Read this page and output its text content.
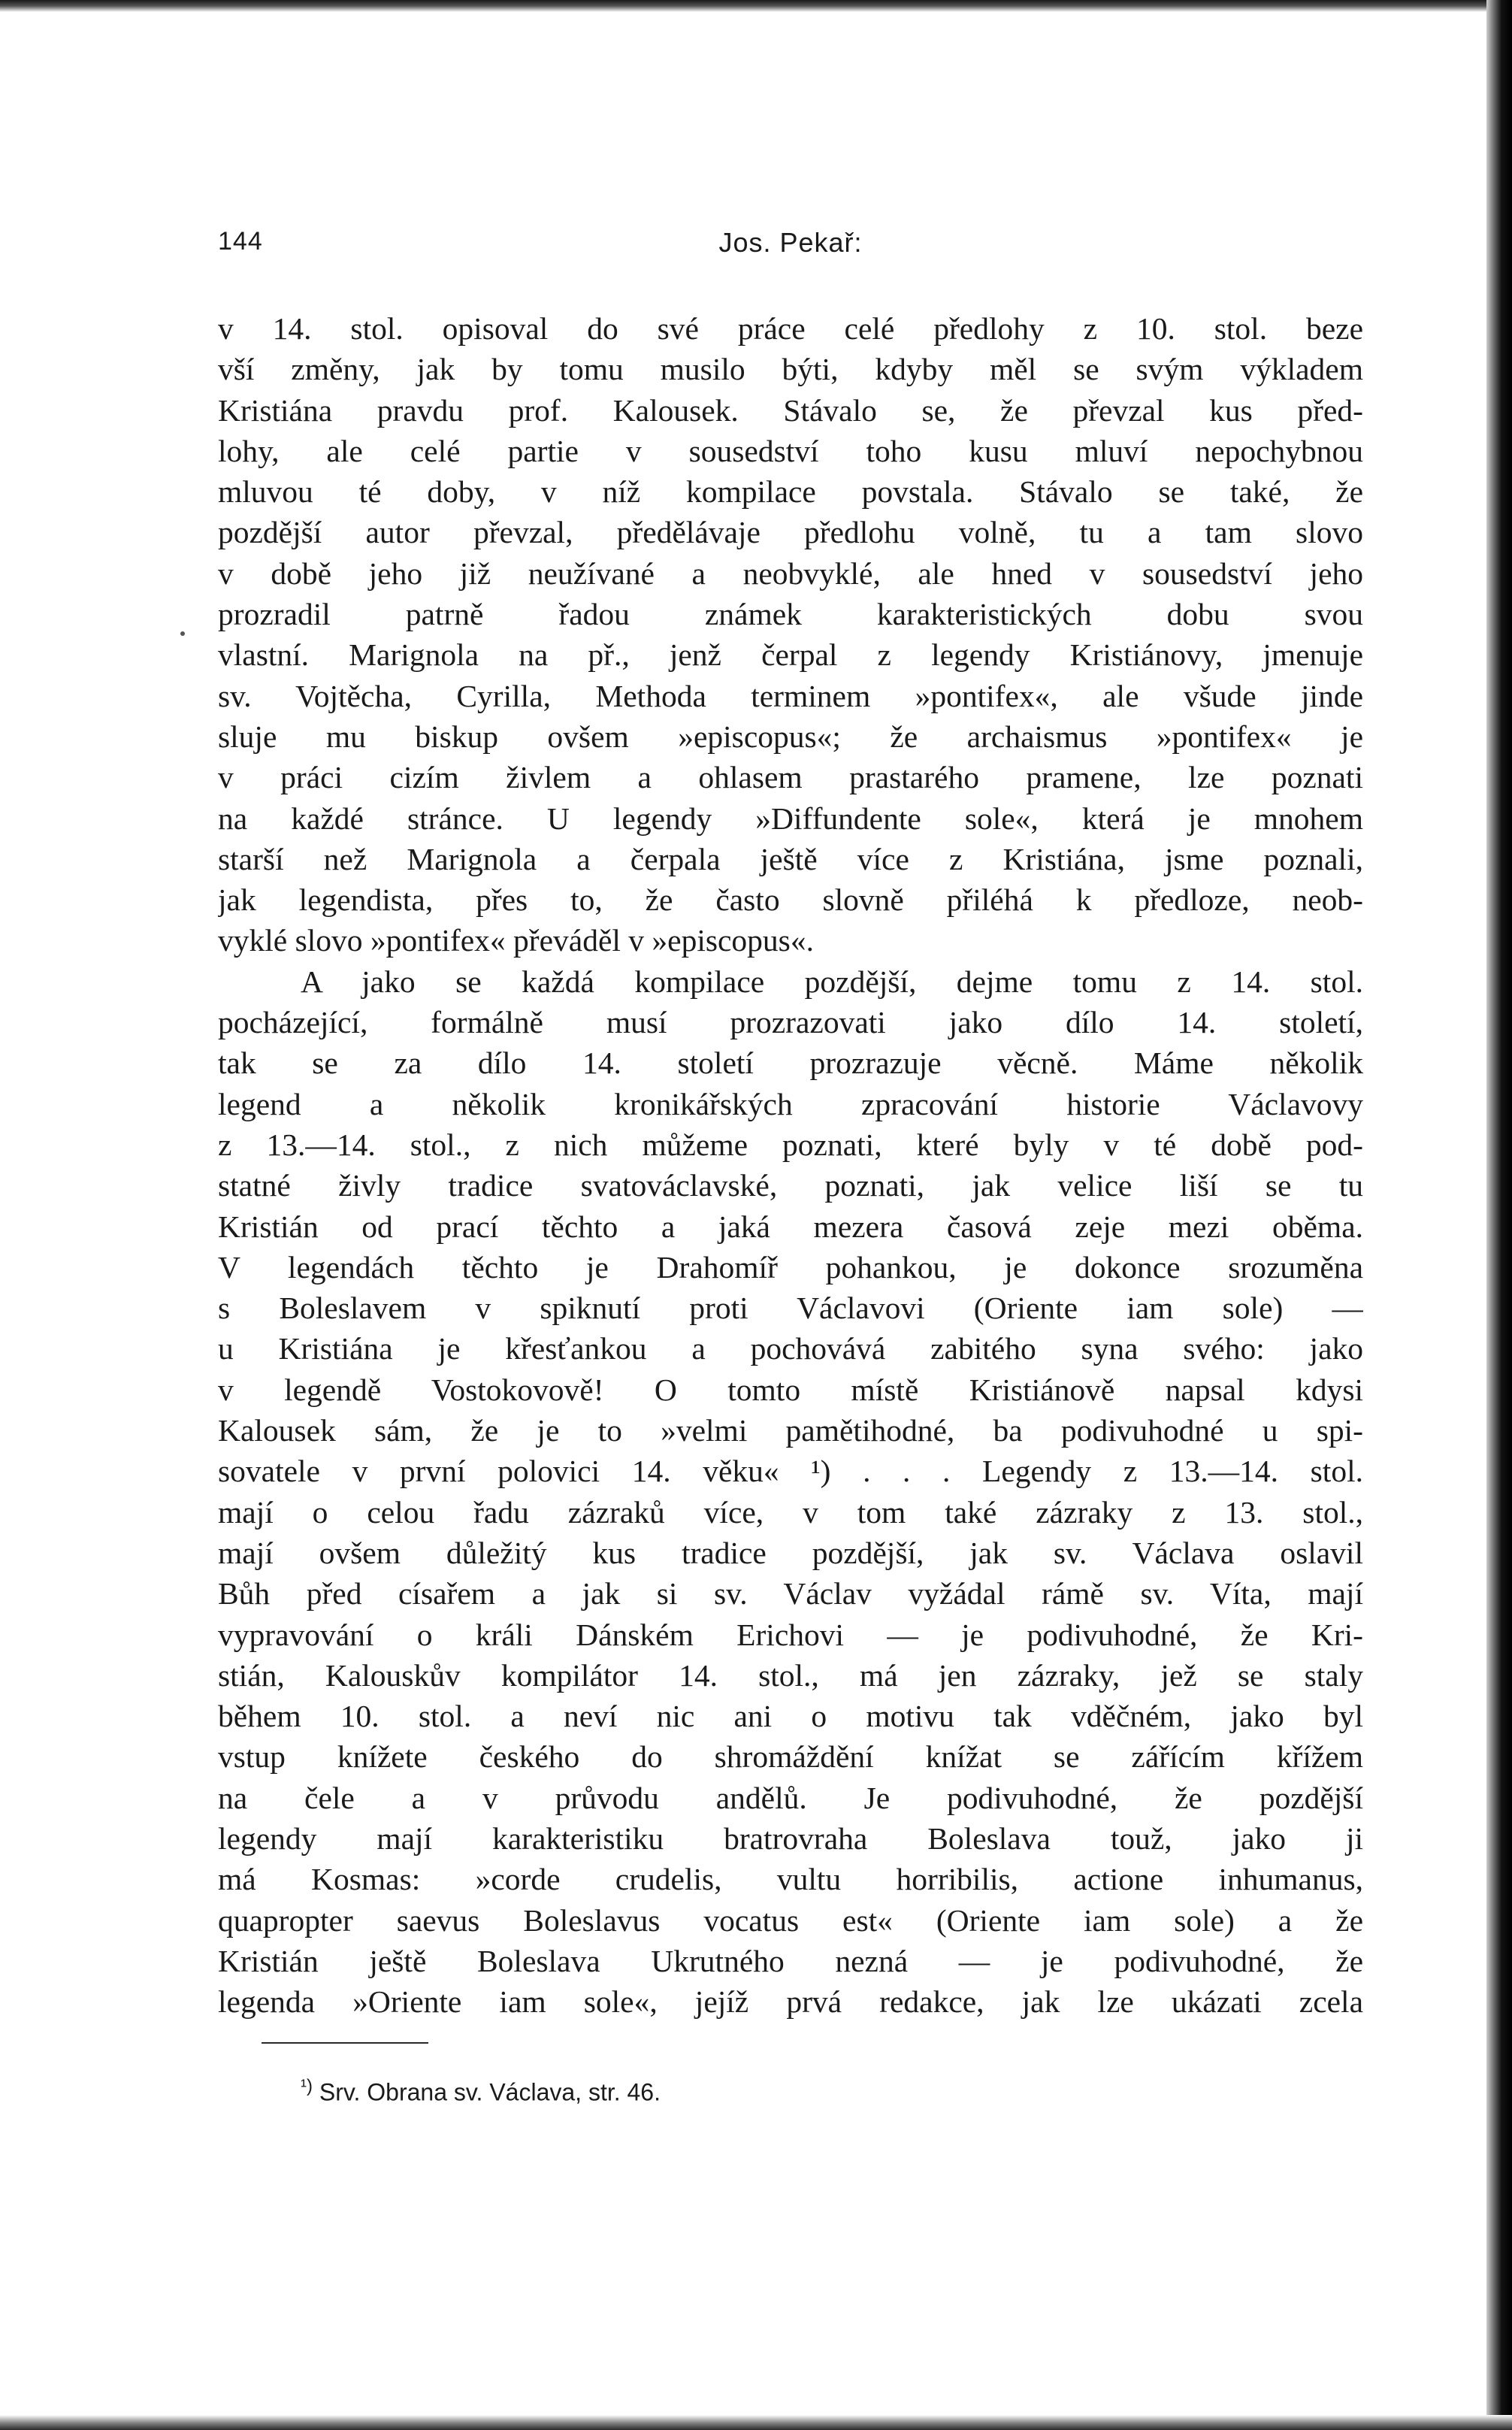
144	Jos. Pekař:
v 14. stol. opisoval do své práce celé předlohy z 10. stol. beze
vší změny, jak by tomu musilo býti, kdyby měl se svým výkladem
Kristiána pravdu prof. Kalousek. Stávalo se, že převzal kus před-
lohy, ale celé partie v sousedství toho kusu mluví nepochybnou
mluvou té doby, v níž kompilace povstala. Stávalo se také, že
pozdější autor převzal, předělávaje předlohu volně, tu a tam slovo
v době jeho již neužívané a neobvyklé, ale hned v sousedství jeho
prozradil patrně řadou známek karakteristických dobu svou
vlastní. Marignola na př., jenž čerpal z legendy Kristiánovy, jmenuje
sv. Vojtěcha, Cyrilla, Methoda terminem »pontifex«, ale všude jinde
sluje mu biskup ovšem »episcopus«; že archaismus »pontifex« je
v práci cizím živlem a ohlasem prastarého pramene, lze poznati
na každé stránce. U legendy »Diffundente sole«, která je mnohem
starší než Marignola a čerpala ještě více z Kristiána, jsme poznali,
jak legendista, přes to, že často slovně přiléhá k předloze, neob-
vyklé slovo »pontifex« převáděl v »episcopus«.
A jako se každá kompilace pozdější, dejme tomu z 14. stol.
pocházející, formálně musí prozrazovati jako dílo 14. století,
tak se za dílo 14. století prozrazuje věcně. Máme několik
legend a několik kronikářských zpracování historie Václavovy
z 13.—14. stol., z nich můžeme poznati, které byly v té době pod-
statné živly tradice svatováclavské, poznati, jak velice liší se tu
Kristián od prací těchto a jaká mezera časová zeje mezi oběma.
V legendách těchto je Drahomíř pohankou, je dokonce srozuměna
s Boleslavem v spiknutí proti Václavovi (Oriente iam sole) —
u Kristiána je křesťankou a pochovává zabitého syna svého: jako
v legendě Vostokovově! O tomto místě Kristiánově napsal kdysi
Kalousek sám, že je to »velmi pamětihodné, ba podivuhodné u spi-
sovatele v první polovici 14. věku« ¹) . . . Legendy z 13.—14. stol.
mají o celou řadu zázraků více, v tom také zázraky z 13. stol.,
mají ovšem důležitý kus tradice pozdější, jak sv. Václava oslavil
Bůh před císařem a jak si sv. Václav vyžádal rámě sv. Víta, mají
vypravování o králi Dánském Erichovi — je podivuhodné, že Kri-
stián, Kalouskův kompilátor 14. stol., má jen zázraky, jež se staly
během 10. stol. a neví nic ani o motivu tak vděčném, jako byl
vstup knížete českého do shromáždění knížat se zářícím křížem
na čele a v průvodu andělů. Je podivuhodné, že pozdější
legendy mají karakteristiku bratrovraha Boleslava touž, jako ji
má Kosmas: »corde crudelis, vultu horribilis, actione inhumanus,
quapropter saevus Boleslavus vocatus est« (Oriente iam sole) a že
Kristián ještě Boleslava Ukrutného nezná — je podivuhodné, že
legenda »Oriente iam sole«, jejíž prvá redakce, jak lze ukázati zcela
$^{^1)}$ Srv. Obrana sv. Václava, str. 46.
